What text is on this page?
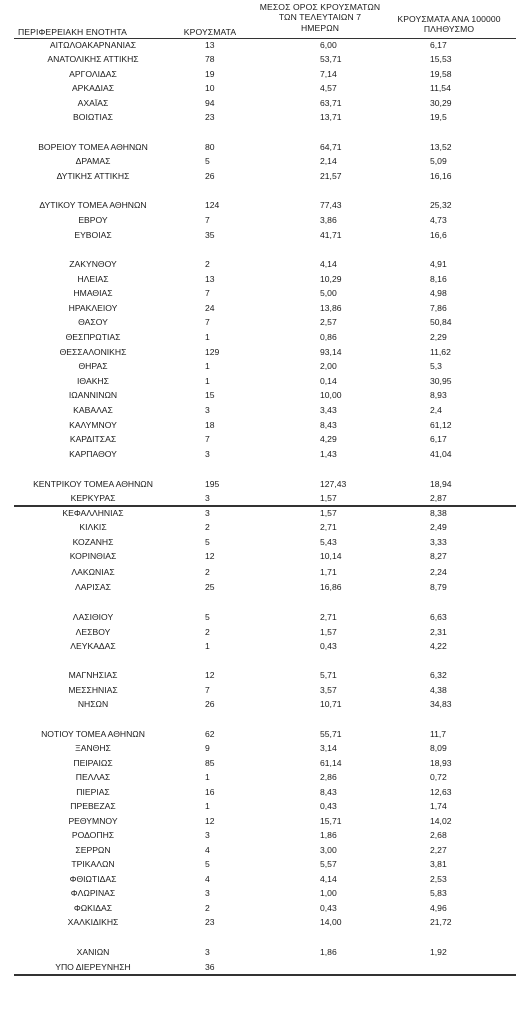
ΠΕΡΙΦΕΡΕΙΑΚΗ ΕΝΟΤΗΤΑ	ΚΡΟΥΣΜΑΤΑ
ΜΕΣΟΣ ΟΡΟΣ ΚΡΟΥΣΜΑΤΩΝ
ΤΩΝ ΤΕΛΕΥΤΑΙΩΝ 7
ΗΜΕΡΩΝ
ΚΡΟΥΣΜΑΤΑ ΑΝΑ 100000
ΠΛΗΘΥΣΜΟ
ΑΙΤΩΛΟΑΚΑΡΝΑΝΙΑΣ	13	6,00	6,17
ΑΝΑΤΟΛΙΚΗΣ ΑΤΤΙΚΗΣ	78	53,71	15,53
ΑΡΓΟΛΙΔΑΣ	19	7,14	19,58
ΑΡΚΑΔΙΑΣ	10	4,57	11,54
ΑΧΑΪΑΣ	94	63,71	30,29
ΒΟΙΩΤΙΑΣ	23	13,71	19,5
ΒΟΡΕΙΟΥ ΤΟΜΕΑ ΑΘΗΝΩΝ	80	64,71	13,52
ΔΡΑΜΑΣ	5	2,14	5,09
ΔΥΤΙΚΗΣ ΑΤΤΙΚΗΣ	26	21,57	16,16
ΔΥΤΙΚΟΥ ΤΟΜΕΑ ΑΘΗΝΩΝ	124	77,43	25,32
ΕΒΡΟΥ	7	3,86	4,73
ΕΥΒΟΙΑΣ	35	41,71	16,6
ΖΑΚΥΝΘΟΥ	2	4,14	4,91
ΗΛΕΙΑΣ	13	10,29	8,16
ΗΜΑΘΙΑΣ	7	5,00	4,98
ΗΡΑΚΛΕΙΟΥ	24	13,86	7,86
ΘΑΣΟΥ	7	2,57	50,84
ΘΕΣΠΡΩΤΙΑΣ	1	0,86	2,29
ΘΕΣΣΑΛΟΝΙΚΗΣ	129	93,14	11,62
ΘΗΡΑΣ	1	2,00	5,3
ΙΘΑΚΗΣ	1	0,14	30,95
ΙΩΑΝΝΙΝΩΝ	15	10,00	8,93
ΚΑΒΑΛΑΣ	3	3,43	2,4
ΚΑΛΥΜΝΟΥ	18	8,43	61,12
ΚΑΡΔΙΤΣΑΣ	7	4,29	6,17
ΚΑΡΠΑΘΟΥ	3	1,43	41,04
ΚΕΝΤΡΙΚΟΥ ΤΟΜΕΑ ΑΘΗΝΩΝ	195	127,43	18,94
ΚΕΡΚΥΡΑΣ	3	1,57	2,87
ΚΕΦΑΛΛΗΝΙΑΣ	3	1,57	8,38
ΚΙΛΚΙΣ	2	2,71	2,49
ΚΟΖΑΝΗΣ	5	5,43	3,33
ΚΟΡΙΝΘΙΑΣ	12	10,14	8,27
ΛΑΚΩΝΙΑΣ	2	1,71	2,24
ΛΑΡΙΣΑΣ	25	16,86	8,79
ΛΑΣΙΘΙΟΥ	5	2,71	6,63
ΛΕΣΒΟΥ	2	1,57	2,31
ΛΕΥΚΑΔΑΣ	1	0,43	4,22
ΜΑΓΝΗΣΙΑΣ	12	5,71	6,32
ΜΕΣΣΗΝΙΑΣ	7	3,57	4,38
ΝΗΣΩΝ	26	10,71	34,83
ΝΟΤΙΟΥ ΤΟΜΕΑ ΑΘΗΝΩΝ	62	55,71	11,7
ΞΑΝΘΗΣ	9	3,14	8,09
ΠΕΙΡΑΙΩΣ	85	61,14	18,93
ΠΕΛΛΑΣ	1	2,86	0,72
ΠΙΕΡΙΑΣ	16	8,43	12,63
ΠΡΕΒΕΖΑΣ	1	0,43	1,74
ΡΕΘΥΜΝΟΥ	12	15,71	14,02
ΡΟΔΟΠΗΣ	3	1,86	2,68
ΣΕΡΡΩΝ	4	3,00	2,27
ΤΡΙΚΑΛΩΝ	5	5,57	3,81
ΦΘΙΩΤΙΔΑΣ	4	4,14	2,53
ΦΛΩΡΙΝΑΣ	3	1,00	5,83
ΦΩΚΙΔΑΣ	2	0,43	4,96
ΧΑΛΚΙΔΙΚΗΣ	23	14,00	21,72
ΧΑΝΙΩΝ	3	1,86	1,92
ΥΠΟ ΔΙΕΡΕΥΝΗΣΗ	36
